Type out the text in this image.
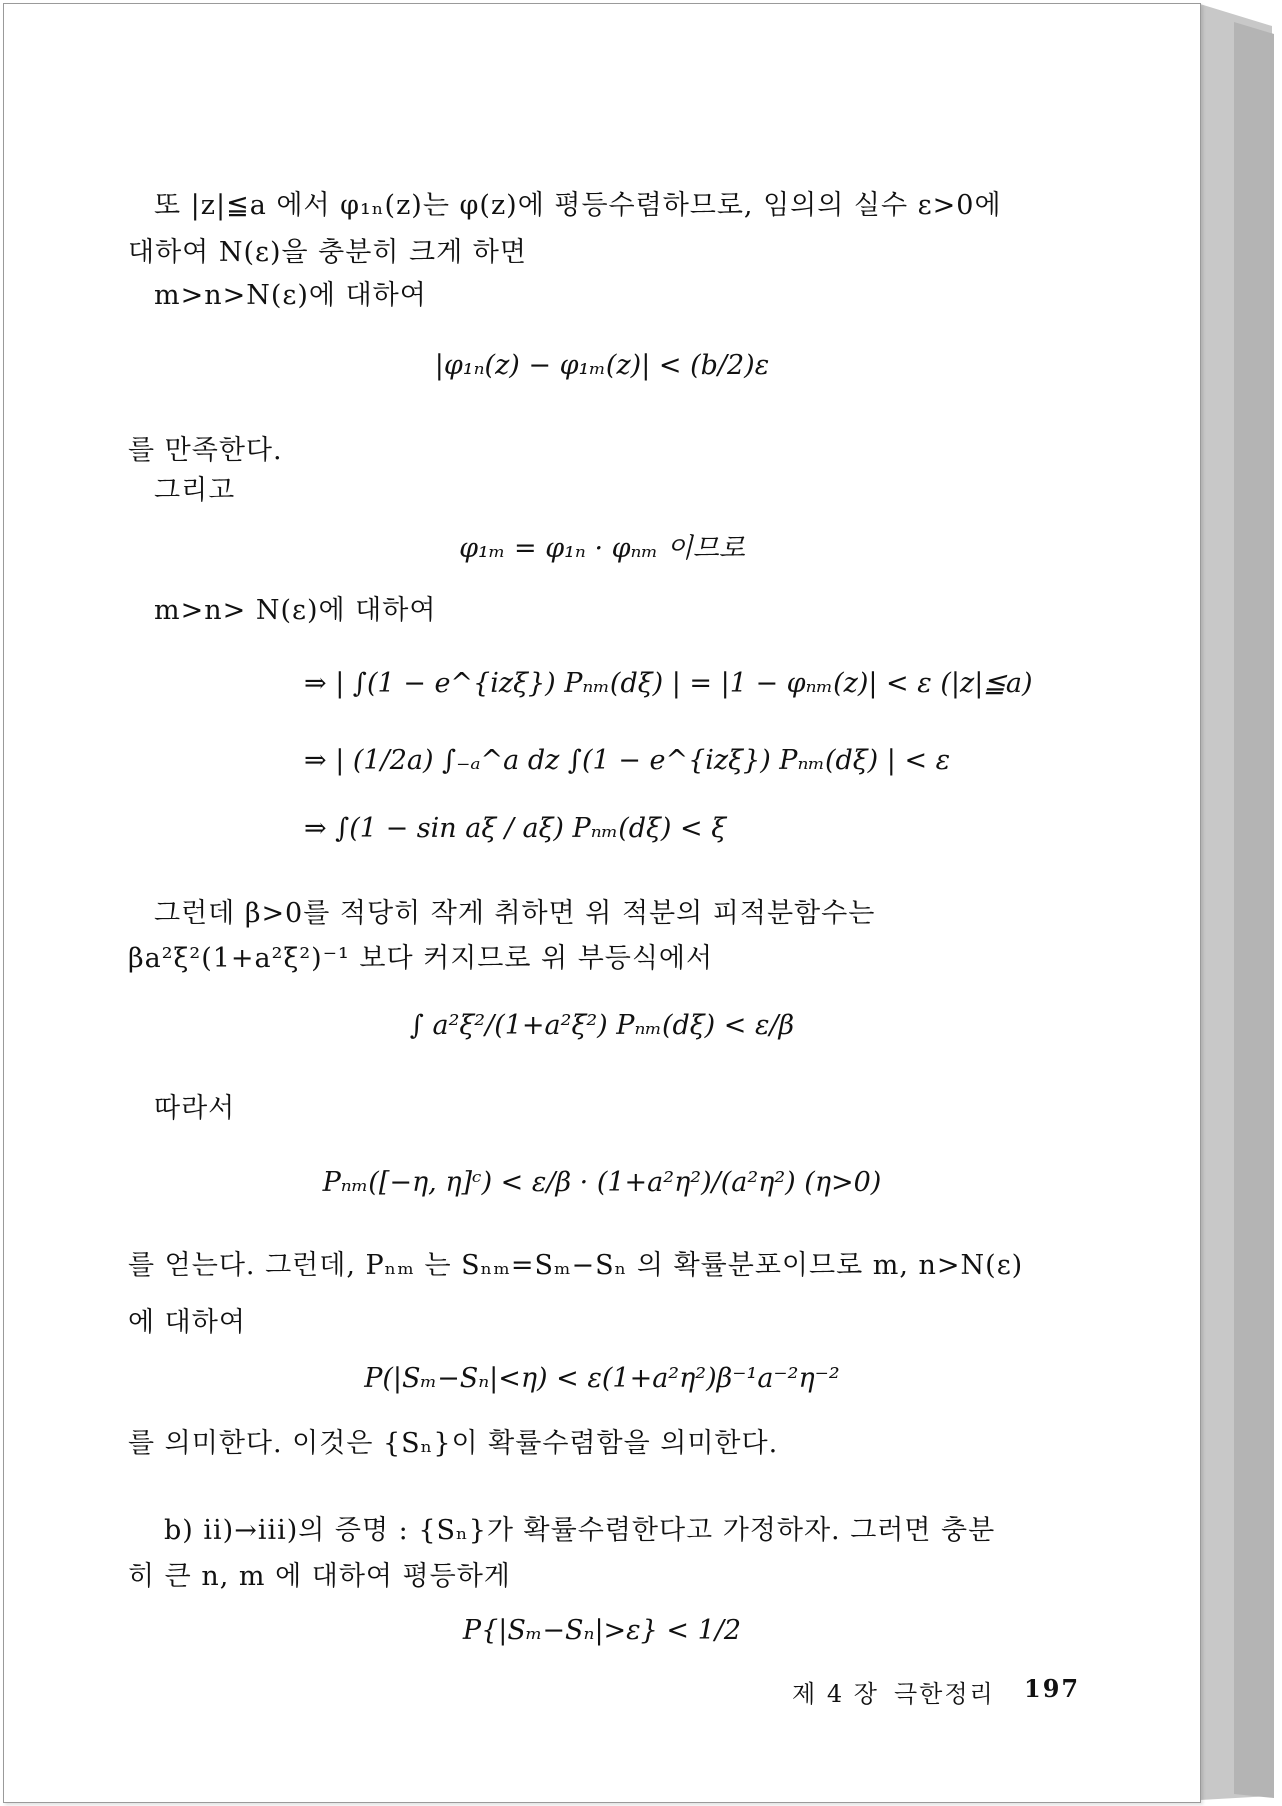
또 |z|≦a 에서 φ₁ₙ(z)는 φ(z)에 평등수렴하므로, 임의의 실수 ε>0에
대하여 N(ε)을 충분히 크게 하면
m>n>N(ε)에 대하여
|φ₁ₙ(z) − φ₁ₘ(z)| < (b/2)ε
를 만족한다.
그리고
φ₁ₘ = φ₁ₙ · φₙₘ 이므로
m>n> N(ε)에 대하여
⇒ | ∫(1 − e^{izξ}) Pₙₘ(dξ) | = |1 − φₙₘ(z)| < ε (|z|≦a)
⇒ | (1/2a) ∫₋ₐ^a dz ∫(1 − e^{izξ}) Pₙₘ(dξ) | < ε
⇒ ∫(1 − sin aξ / aξ) Pₙₘ(dξ) < ξ
그런데 β>0를 적당히 작게 취하면 위 적분의 피적분함수는
βa²ξ²(1+a²ξ²)⁻¹ 보다 커지므로 위 부등식에서
∫ a²ξ²/(1+a²ξ²) Pₙₘ(dξ) < ε/β
따라서
Pₙₘ([−η, η]ᶜ) < ε/β · (1+a²η²)/(a²η²) (η>0)
를 얻는다. 그런데, Pₙₘ 는 Sₙₘ=Sₘ−Sₙ 의 확률분포이므로 m, n>N(ε)
에 대하여
P(|Sₘ−Sₙ|<η) < ε(1+a²η²)β⁻¹a⁻²η⁻²
를 의미한다. 이것은 {Sₙ}이 확률수렴함을 의미한다.
b) ii)→iii)의 증명 : {Sₙ}가 확률수렴한다고 가정하자. 그러면 충분
히 큰 n, m 에 대하여 평등하게
P{|Sₘ−Sₙ|>ε} < 1/2
제 4 장 극한정리 197
